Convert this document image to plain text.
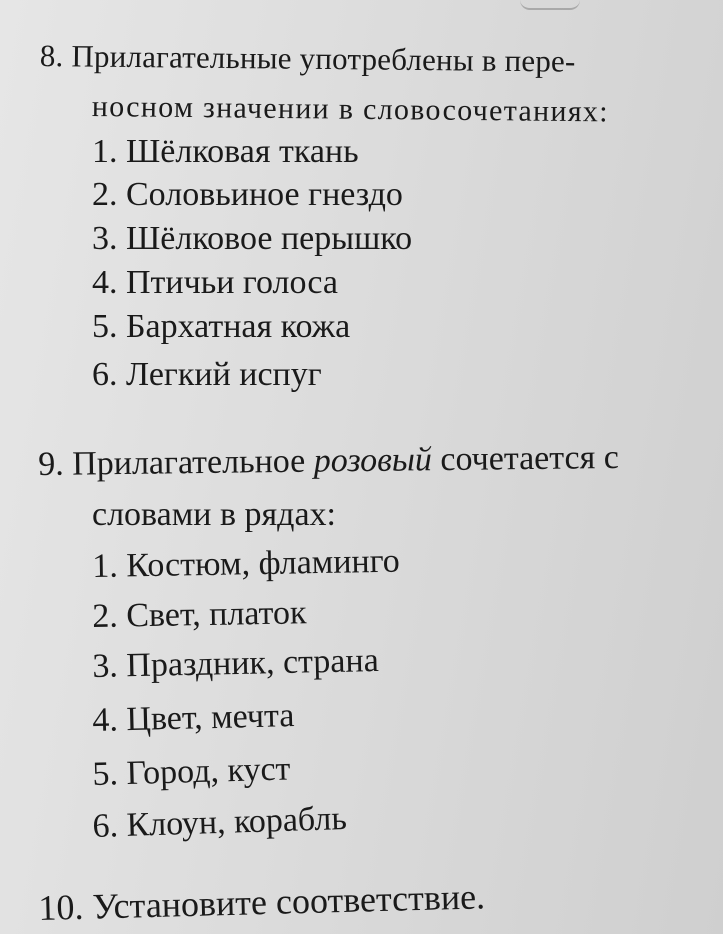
8. Прилагательные употреблены в пере-
носном значении в словосочетаниях:
1. Шёлковая ткань
2. Соловьиное гнездо
3. Шёлковое перышко
4. Птичьи голоса
5. Бархатная кожа
6. Легкий испуг
9. Прилагательное розовый сочетается с
словами в рядах:
1. Костюм, фламинго
2. Свет, платок
3. Праздник, страна
4. Цвет, мечта
5. Город, куст
6. Клоун, корабль
10. Установите соответствие.
